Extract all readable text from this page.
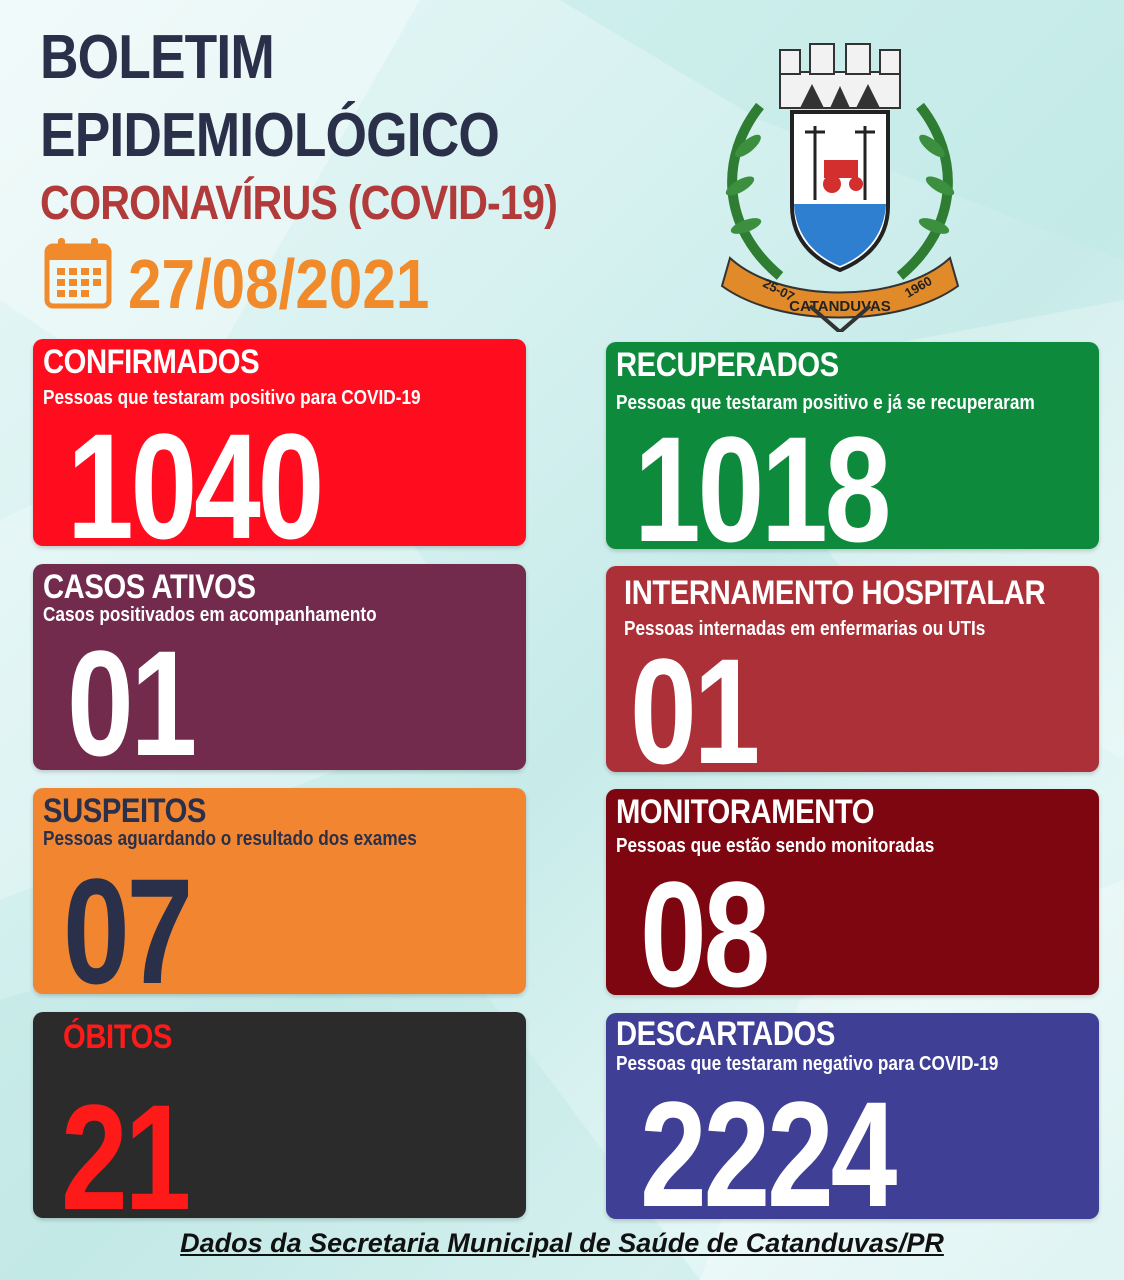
BOLETIM
EPIDEMIOLÓGICO
CORONAVÍRUS (COVID-19)
27/08/2021	25-07
CATANDUVAS
1960
CONFIRMADOS
Pessoas que testaram positivo para COVID-19
1040
RECUPERADOS
Pessoas que testaram positivo e já se recuperaram
1018
CASOS ATIVOS
Casos positivados em acompanhamento
01
INTERNAMENTO HOSPITALAR
Pessoas internadas em enfermarias ou UTIs
01
SUSPEITOS
Pessoas aguardando o resultado dos exames
07
MONITORAMENTO
Pessoas que estão sendo monitoradas
08
ÓBITOS
21
DESCARTADOS
Pessoas que testaram negativo para COVID-19
2224
Dados da Secretaria Municipal de Saúde de Catanduvas/PR
